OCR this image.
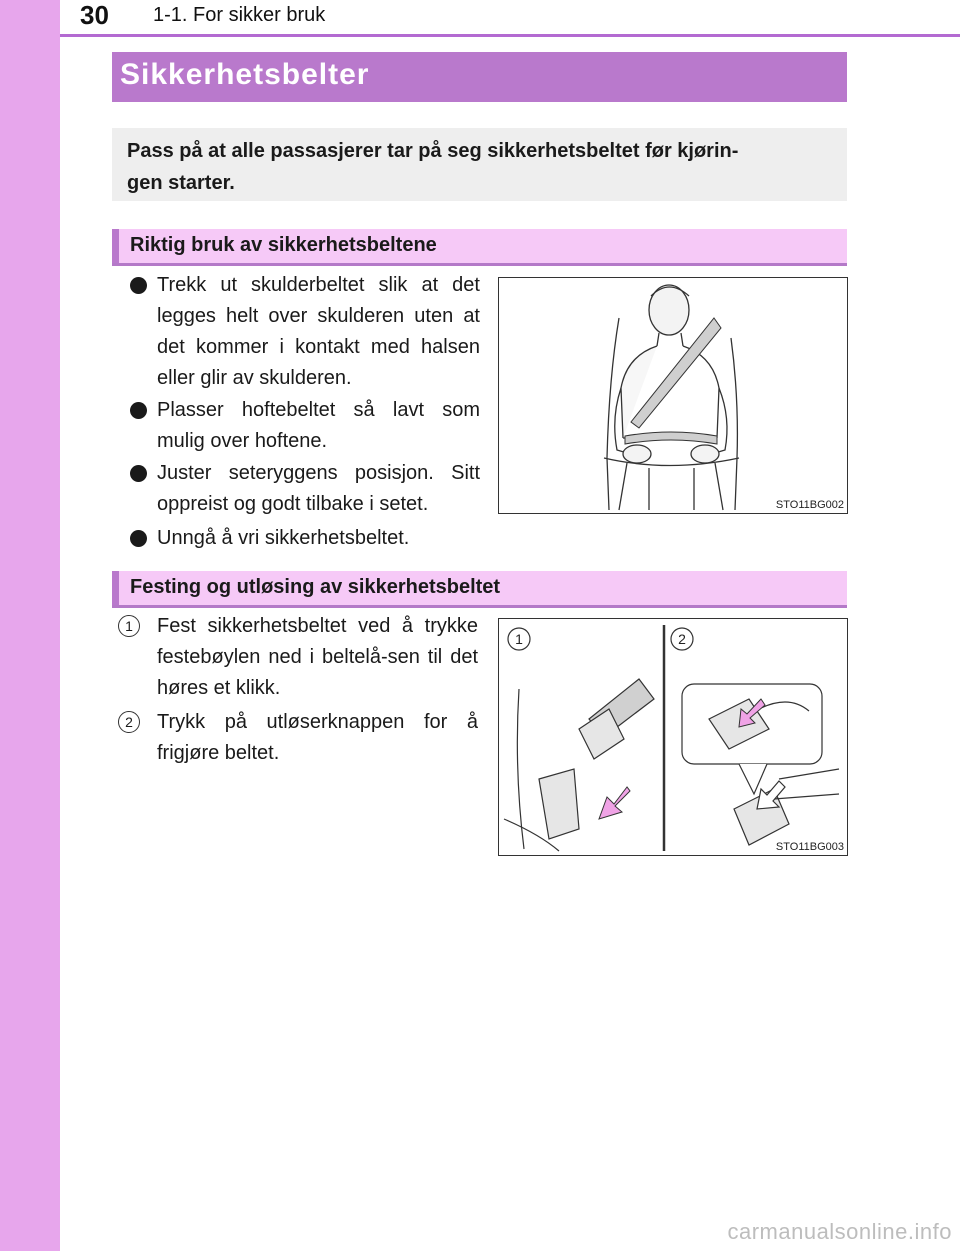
30 1-1. For sikker bruk
Sikkerhetsbelter
Pass på at alle passasjerer tar på seg sikkerhetsbeltet før kjørin-
gen starter.
Riktig bruk av sikkerhetsbeltene
Trekk ut skulderbeltet slik at det legges helt over skulderen uten at det kommer i kontakt med halsen eller glir av skulderen.
Plasser hoftebeltet så lavt som mulig over hoftene.
Juster seteryggens posisjon. Sitt oppreist og godt tilbake i setet.
Unngå å vri sikkerhetsbeltet.
STO11BG002
Festing og utløsing av sikkerhetsbeltet
1	Fest sikkerhetsbeltet ved å trykke festebøylen ned i beltelå-sen til det høres et klikk.
2	Trykk på utløserknappen for å frigjøre beltet.
1	2
STO11BG003
carmanualsonline.info
